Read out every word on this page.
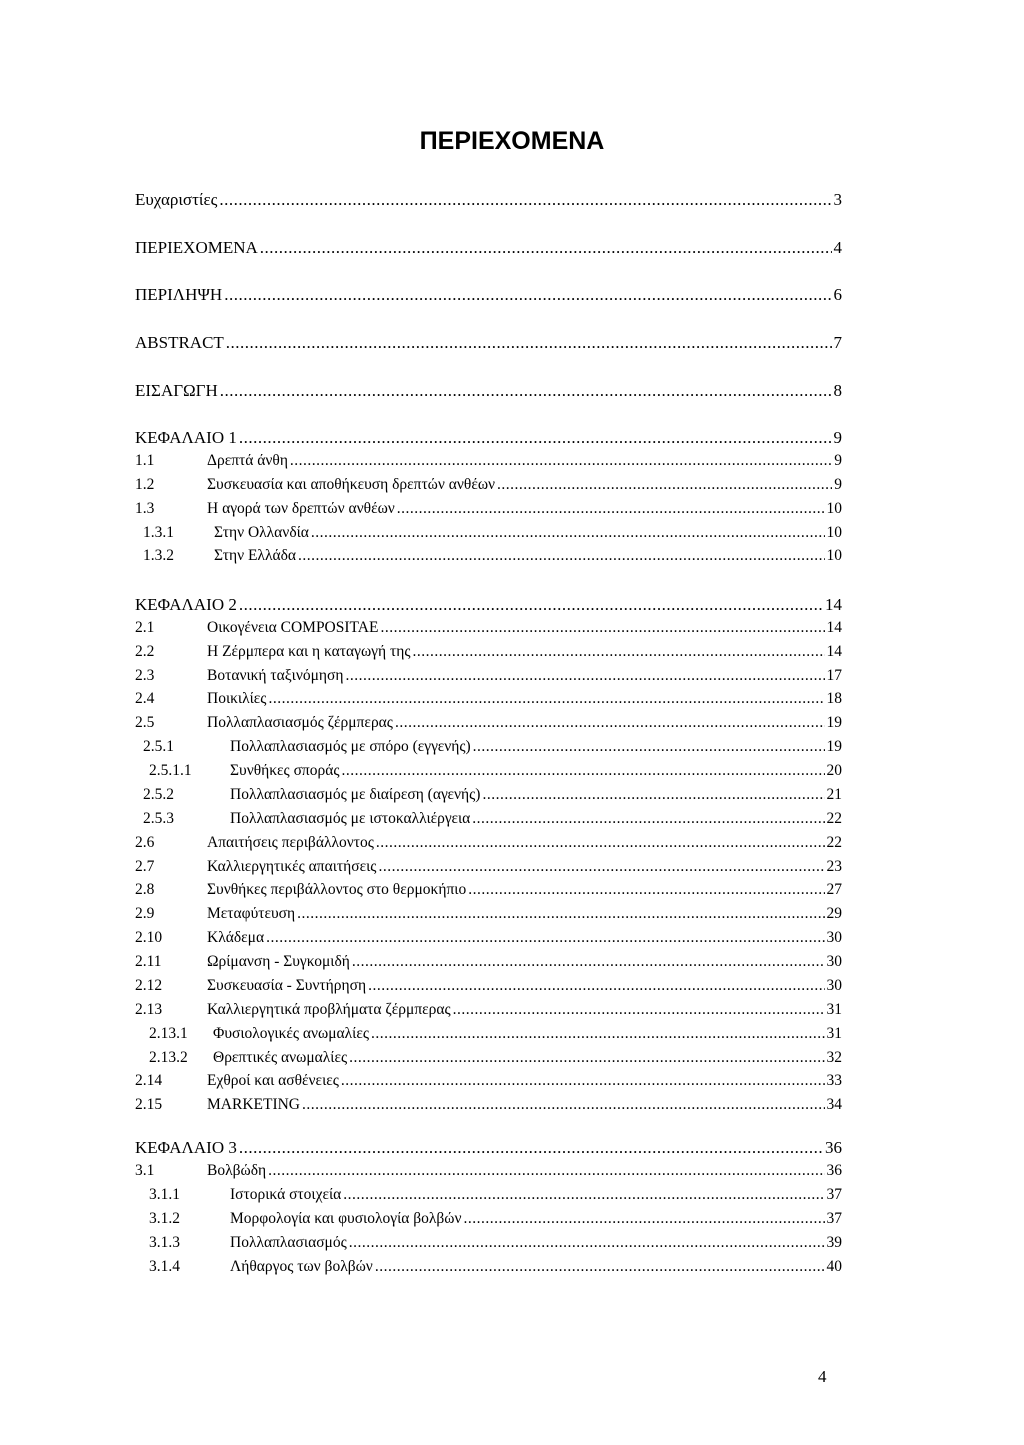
ΠΕΡΙΕΧΟΜΕΝΑ
Ευχαριστίες .....	3
ΠΕΡΙΕΧΟΜΕΝΑ .....	4
ΠΕΡΙΛΗΨΗ .....	6
ABSTRACT .....	7
ΕΙΣΑΓΩΓΗ .....	8
ΚΕΦΑΛΑΙΟ 1 .....	9
1.1	Δρεπτά άνθη .....	9
1.2	Συσκευασία και αποθήκευση δρεπτών ανθέων .....	9
1.3	Η αγορά των δρεπτών ανθέων .....	10
1.3.1	Στην Ολλανδία .....	10
1.3.2	Στην Ελλάδα .....	10
ΚΕΦΑΛΑΙΟ 2 .....	14
2.1	Οικογένεια COMPOSITAE .....	14
2.2	Η Ζέρμπερα και η καταγωγή της .....	14
2.3	Βοτανική ταξινόμηση .....	17
2.4	Ποικιλίες .....	18
2.5	Πολλαπλασιασμός ζέρμπερας .....	19
2.5.1	Πολλαπλασιασμός με σπόρο (εγγενής) .....	19
2.5.1.1	Συνθήκες σποράς .....	20
2.5.2	Πολλαπλασιασμός με διαίρεση (αγενής) .....	21
2.5.3	Πολλαπλασιασμός με ιστοκαλλιέργεια .....	22
2.6	Απαιτήσεις περιβάλλοντος .....	22
2.7	Καλλιεργητικές απαιτήσεις .....	23
2.8	Συνθήκες περιβάλλοντος στο θερμοκήπιο .....	27
2.9	Μεταφύτευση .....	29
2.10	Κλάδεμα .....	30
2.11	Ωρίμανση - Συγκομιδή .....	30
2.12	Συσκευασία - Συντήρηση .....	30
2.13	Καλλιεργητικά προβλήματα ζέρμπερας .....	31
2.13.1	Φυσιολογικές ανωμαλίες .....	31
2.13.2	Θρεπτικές ανωμαλίες .....	32
2.14	Εχθροί και ασθένειες .....	33
2.15	MARKETING .....	34
ΚΕΦΑΛΑΙΟ 3 .....	36
3.1	Βολβώδη .....	36
3.1.1	Ιστορικά στοιχεία .....	37
3.1.2	Μορφολογία και φυσιολογία βολβών .....	37
3.1.3	Πολλαπλασιασμός .....	39
3.1.4	Λήθαργος των βολβών .....	40
4
